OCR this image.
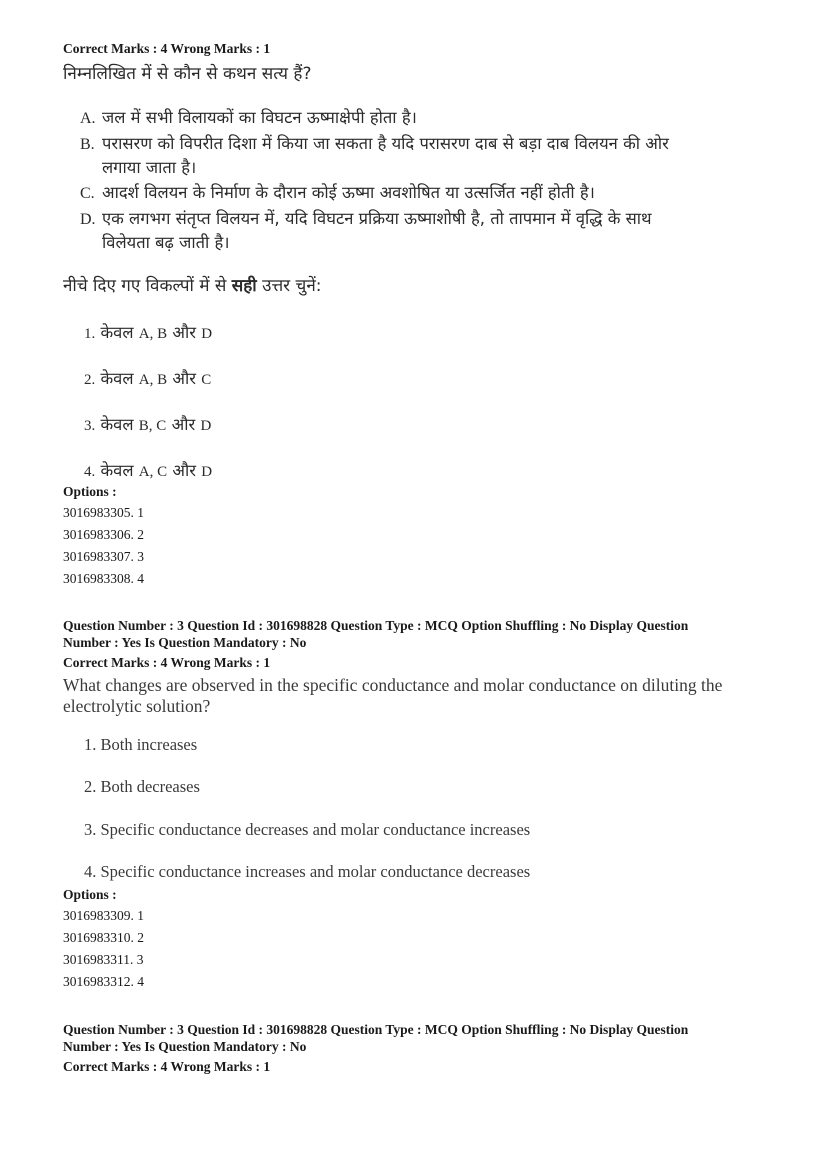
Correct Marks : 4 Wrong Marks : 1
निम्नलिखित में से कौन से कथन सत्य हैं?
A. जल में सभी विलायकों का विघटन ऊष्माक्षेपी होता है।
B. परासरण को विपरीत दिशा में किया जा सकता है यदि परासरण दाब से बड़ा दाब विलयन की ओर
लगाया जाता है।
C. आदर्श विलयन के निर्माण के दौरान कोई ऊष्मा अवशोषित या उत्सर्जित नहीं होती है।
D. एक लगभग संतृप्त विलयन में, यदि विघटन प्रक्रिया ऊष्माशोषी है, तो तापमान में वृद्धि के साथ
विलेयता बढ़ जाती है।
नीचे दिए गए विकल्पों में से सही उत्तर चुनें:
1. केवल A, B और D
2. केवल A, B और C
3. केवल B, C और D
4. केवल A, C और D
Options :
3016983305. 1
3016983306. 2
3016983307. 3
3016983308. 4
Question Number : 3 Question Id : 301698828 Question Type : MCQ Option Shuffling : No Display Question
Number : Yes Is Question Mandatory : No
Correct Marks : 4 Wrong Marks : 1
What changes are observed in the specific conductance and molar conductance on diluting the electrolytic solution?
1. Both increases
2. Both decreases
3. Specific conductance decreases and molar conductance increases
4. Specific conductance increases and molar conductance decreases
Options :
3016983309. 1
3016983310. 2
3016983311. 3
3016983312. 4
Question Number : 3 Question Id : 301698828 Question Type : MCQ Option Shuffling : No Display Question
Number : Yes Is Question Mandatory : No
Correct Marks : 4 Wrong Marks : 1
